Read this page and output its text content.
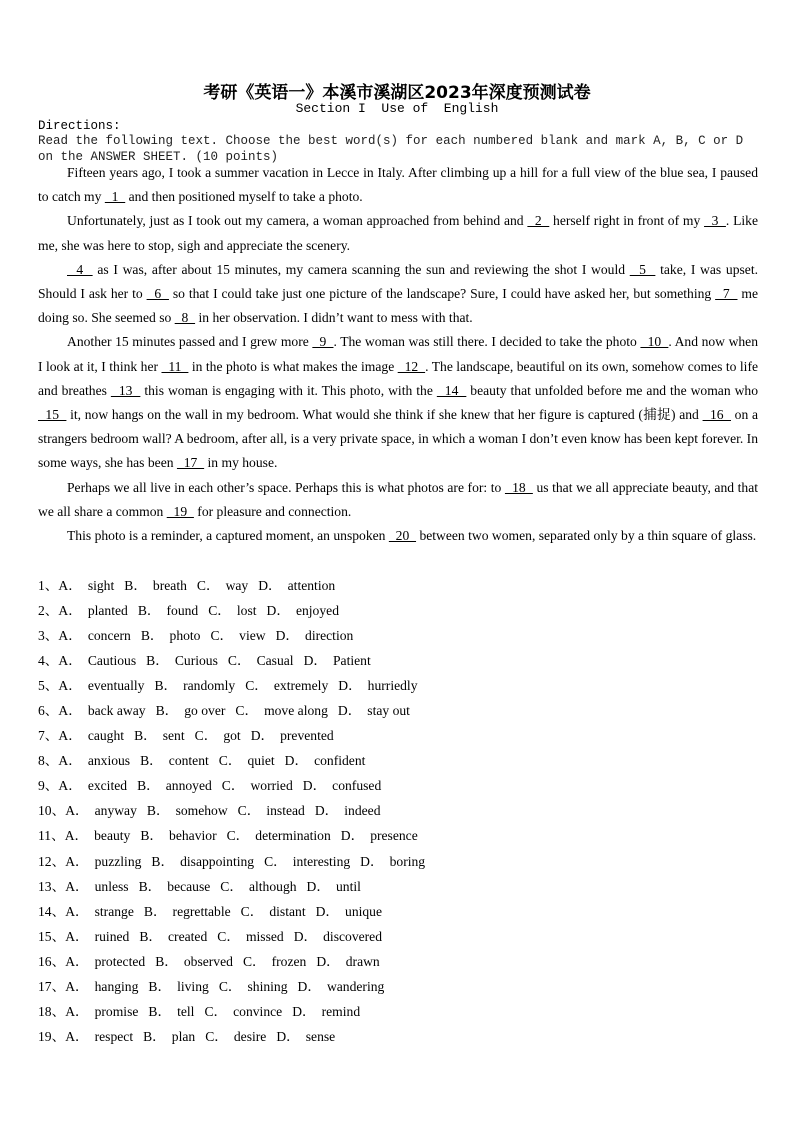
考研《英语一》本溪市溪湖区2023年深度预测试卷
Section I  Use of  English
Directions:
Read the following text. Choose the best word(s) for each numbered blank and mark A, B, C or D on the ANSWER SHEET. (10 points)

Fifteen years ago, I took a summer vacation in Lecce in Italy. After climbing up a hill for a full view of the blue sea, I paused to catch my   1   and then positioned myself to take a photo.

Unfortunately, just as I took out my camera, a woman approached from behind and   2   herself right in front of my   3  . Like me, she was here to stop, sigh and appreciate the scenery.

4   as I was, after about 15 minutes, my camera scanning the sun and reviewing the shot I would   5   take, I was upset. Should I ask her to   6   so that I could take just one picture of the landscape? Sure, I could have asked her, but something   7   me doing so. She seemed so   8   in her observation. I didn’t want to mess with that.

Another 15 minutes passed and I grew more   9  . The woman was still there. I decided to take the photo   10  . And now when I look at it, I think her   11   in the photo is what makes the image   12  . The landscape, beautiful on its own, somehow comes to life and breathes   13   this woman is engaging with it. This photo, with the   14   beauty that unfolded before me and the woman who   15   it, now hangs on the wall in my bedroom. What would she think if she knew that her figure is captured (捕捉) and   16   on a strangers bedroom wall? A bedroom, after all, is a very private space, in which a woman I don’t even know has been kept forever. In some ways, she has been   17   in my house.

Perhaps we all live in each other’s space. Perhaps this is what photos are for: to   18   us that we all appreciate beauty, and that we all share a common   19   for pleasure and connection.

This photo is a reminder, a captured moment, an unspoken   20   between two women, separated only by a thin square of glass.

1、A． sight B． breath C． way D． attention
2、A． planted B． found C． lost D． enjoyed
3、A． concern B． photo C． view D． direction
4、A． Cautious B． Curious C． Casual D． Patient
5、A． eventually B． randomly C． extremely D． hurriedly
6、A． back away B． go over C． move along D． stay out
7、A． caught B． sent C． got D． prevented
8、A． anxious B． content C． quiet D． confident
9、A． excited B． annoyed C． worried D． confused
10、A． anyway B． somehow C． instead D． indeed
11、A． beauty B． behavior C． determination D． presence
12、A． puzzling B． disappointing C． interesting D． boring
13、A． unless B． because C． although D． until
14、A． strange B． regrettable C． distant D． unique
15、A． ruined B． created C． missed D． discovered
16、A． protected B． observed C． frozen D． drawn
17、A． hanging B． living C． shining D． wandering
18、A． promise B． tell C． convince D． remind
19、A． respect B． plan C． desire D． sense
